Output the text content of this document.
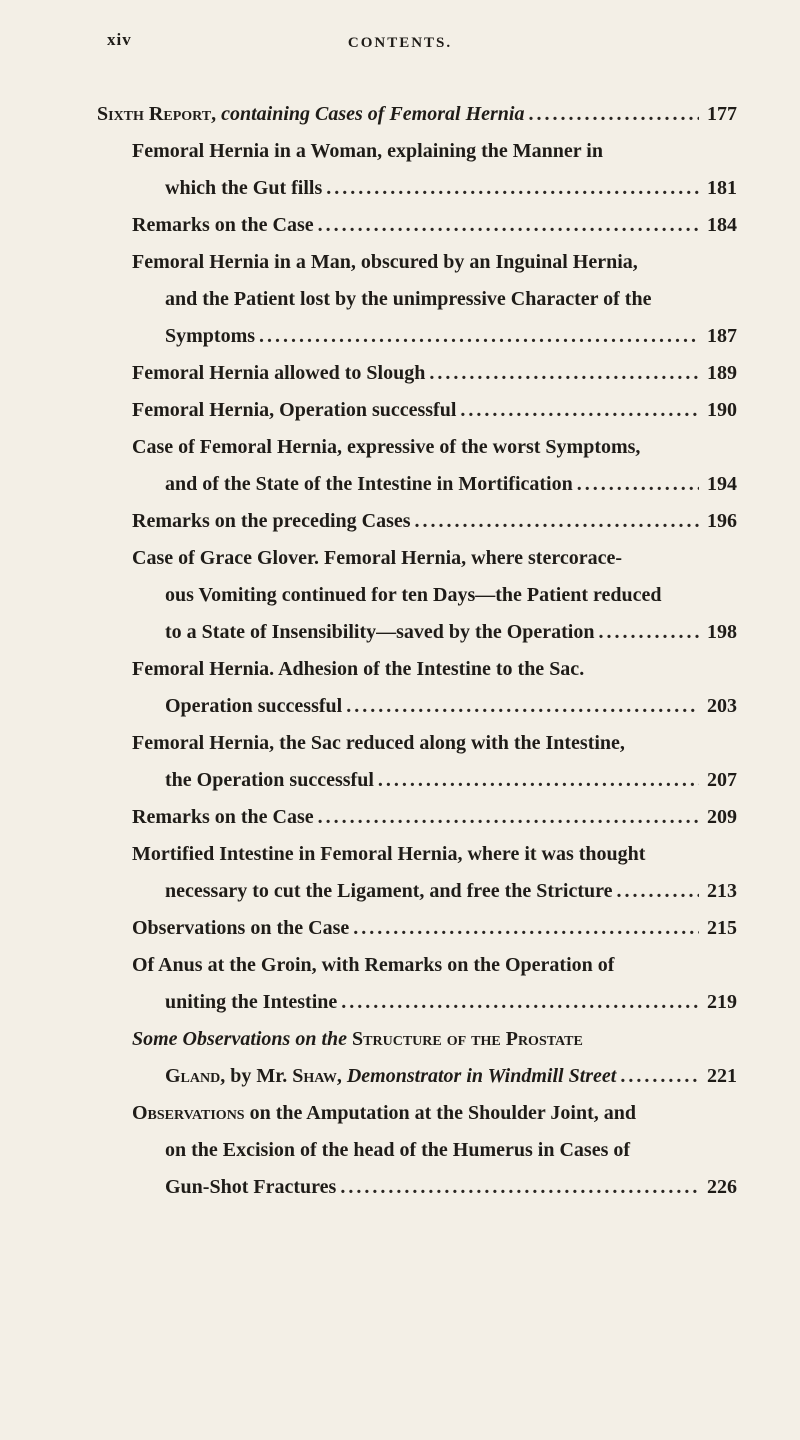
xiv	CONTENTS.
Sixth Report, containing Cases of Femoral Hernia . . .	177
Femoral Hernia in a Woman, explaining the Manner in
which the Gut fills . . .	181
Remarks on the Case . . .	184
Femoral Hernia in a Man, obscured by an Inguinal Hernia,
and the Patient lost by the unimpressive Character of the
Symptoms . . .	187
Femoral Hernia allowed to Slough . . .	189
Femoral Hernia, Operation successful . . .	190
Case of Femoral Hernia, expressive of the worst Symptoms,
and of the State of the Intestine in Mortification . . .	194
Remarks on the preceding Cases . . .	196
Case of Grace Glover. Femoral Hernia, where stercorace-
ous Vomiting continued for ten Days—the Patient reduced
to a State of Insensibility—saved by the Operation . . .	198
Femoral Hernia. Adhesion of the Intestine to the Sac.
Operation successful . . .	203
Femoral Hernia, the Sac reduced along with the Intestine,
the Operation successful . . .	207
Remarks on the Case . . .	209
Mortified Intestine in Femoral Hernia, where it was thought
necessary to cut the Ligament, and free the Stricture . . .	213
Observations on the Case . . .	215
Of Anus at the Groin, with Remarks on the Operation of
uniting the Intestine . . .	219
Some Observations on the Structure of the Prostate
Gland, by Mr. Shaw, Demonstrator in Windmill Street . . .	221
Observations on the Amputation at the Shoulder Joint, and
on the Excision of the head of the Humerus in Cases of
Gun-Shot Fractures . . .	226
